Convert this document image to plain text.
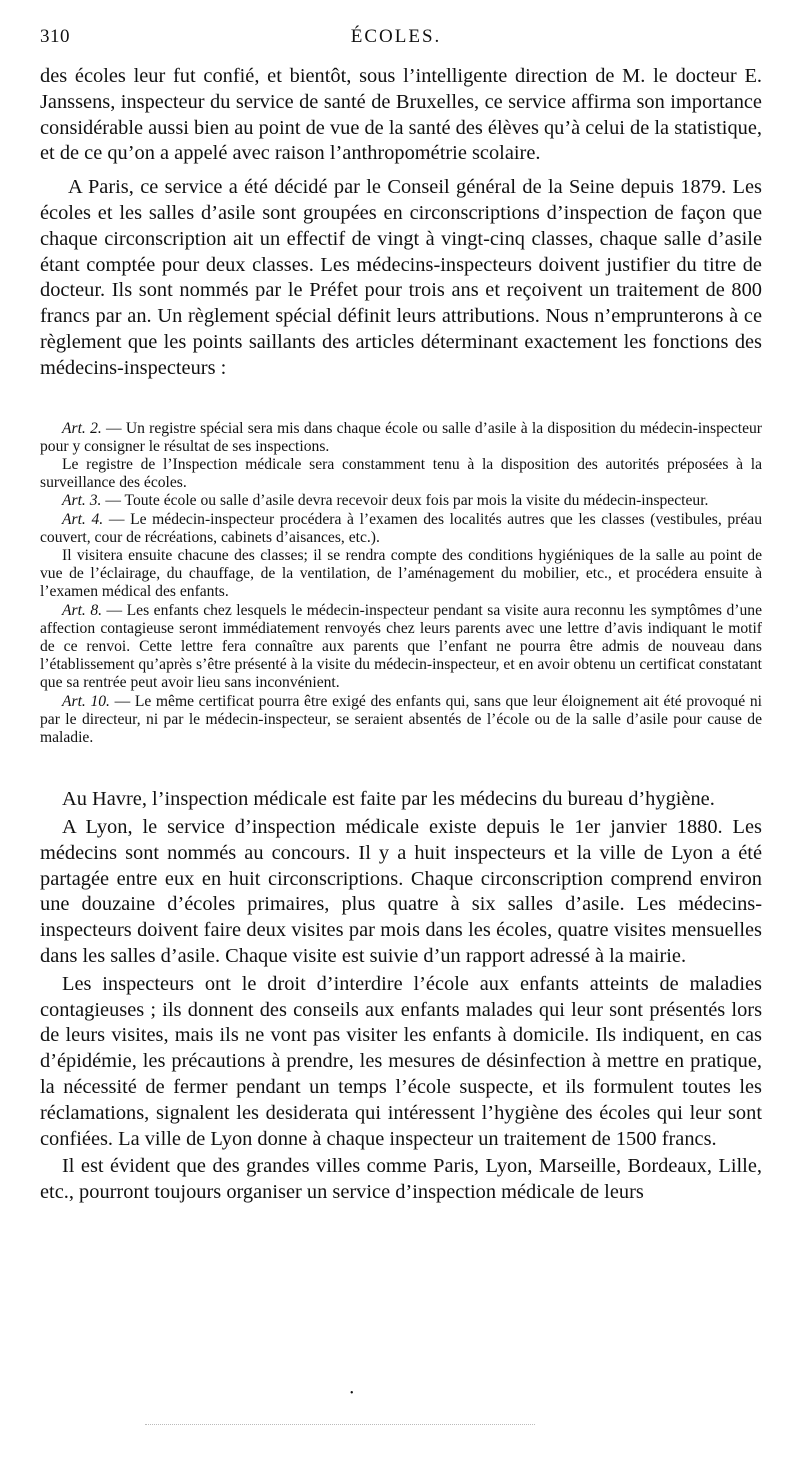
310	ÉCOLES.

des écoles leur fut confié, et bientôt, sous l’intelligente direction de M. le docteur E. Janssens, inspecteur du service de santé de Bruxelles, ce service affirma son importance considérable aussi bien au point de vue de la santé des élèves qu’à celui de la statistique, et de ce qu’on a appelé avec raison l’anthropométrie scolaire.

A Paris, ce service a été décidé par le Conseil général de la Seine depuis 1879. Les écoles et les salles d’asile sont groupées en circonscriptions d’inspection de façon que chaque circonscription ait un effectif de vingt à vingt-cinq classes, chaque salle d’asile étant comptée pour deux classes. Les médecins-inspecteurs doivent justifier du titre de docteur. Ils sont nommés par le Préfet pour trois ans et reçoivent un traitement de 800 francs par an. Un règlement spécial définit leurs attributions. Nous n’emprunterons à ce règlement que les points saillants des articles déterminant exactement les fonctions des médecins-inspecteurs :

Art. 2. — Un registre spécial sera mis dans chaque école ou salle d’asile à la disposition du médecin-inspecteur pour y consigner le résultat de ses inspections.

Le registre de l’Inspection médicale sera constamment tenu à la disposition des autorités préposées à la surveillance des écoles.

Art. 3. — Toute école ou salle d’asile devra recevoir deux fois par mois la visite du médecin-inspecteur.

Art. 4. — Le médecin-inspecteur procédera à l’examen des localités autres que les classes (vestibules, préau couvert, cour de récréations, cabinets d’aisances, etc.).

Il visitera ensuite chacune des classes; il se rendra compte des conditions hygiéniques de la salle au point de vue de l’éclairage, du chauffage, de la ventilation, de l’aménagement du mobilier, etc., et procédera ensuite à l’examen médical des enfants.

Art. 8. — Les enfants chez lesquels le médecin-inspecteur pendant sa visite aura reconnu les symptômes d’une affection contagieuse seront immédiatement renvoyés chez leurs parents avec une lettre d’avis indiquant le motif de ce renvoi. Cette lettre fera connaître aux parents que l’enfant ne pourra être admis de nouveau dans l’établissement qu’après s’être présenté à la visite du médecin-inspecteur, et en avoir obtenu un certificat constatant que sa rentrée peut avoir lieu sans inconvénient.

Art. 10. — Le même certificat pourra être exigé des enfants qui, sans que leur éloignement ait été provoqué ni par le directeur, ni par le médecin-inspecteur, se seraient absentés de l’école ou de la salle d’asile pour cause de maladie.

Au Havre, l’inspection médicale est faite par les médecins du bureau d’hygiène.

A Lyon, le service d’inspection médicale existe depuis le 1er janvier 1880. Les médecins sont nommés au concours. Il y a huit inspecteurs et la ville de Lyon a été partagée entre eux en huit circonscriptions. Chaque circonscription comprend environ une douzaine d’écoles primaires, plus quatre à six salles d’asile. Les médecins-inspecteurs doivent faire deux visites par mois dans les écoles, quatre visites mensuelles dans les salles d’asile. Chaque visite est suivie d’un rapport adressé à la mairie.

Les inspecteurs ont le droit d’interdire l’école aux enfants atteints de maladies contagieuses ; ils donnent des conseils aux enfants malades qui leur sont présentés lors de leurs visites, mais ils ne vont pas visiter les enfants à domicile. Ils indiquent, en cas d’épidémie, les précautions à prendre, les mesures de désinfection à mettre en pratique, la nécessité de fermer pendant un temps l’école suspecte, et ils formulent toutes les réclamations, signalent les desiderata qui intéressent l’hygiène des écoles qui leur sont confiées. La ville de Lyon donne à chaque inspecteur un traitement de 1500 francs.

Il est évident que des grandes villes comme Paris, Lyon, Marseille, Bordeaux, Lille, etc., pourront toujours organiser un service d’inspection médicale de leurs

•
